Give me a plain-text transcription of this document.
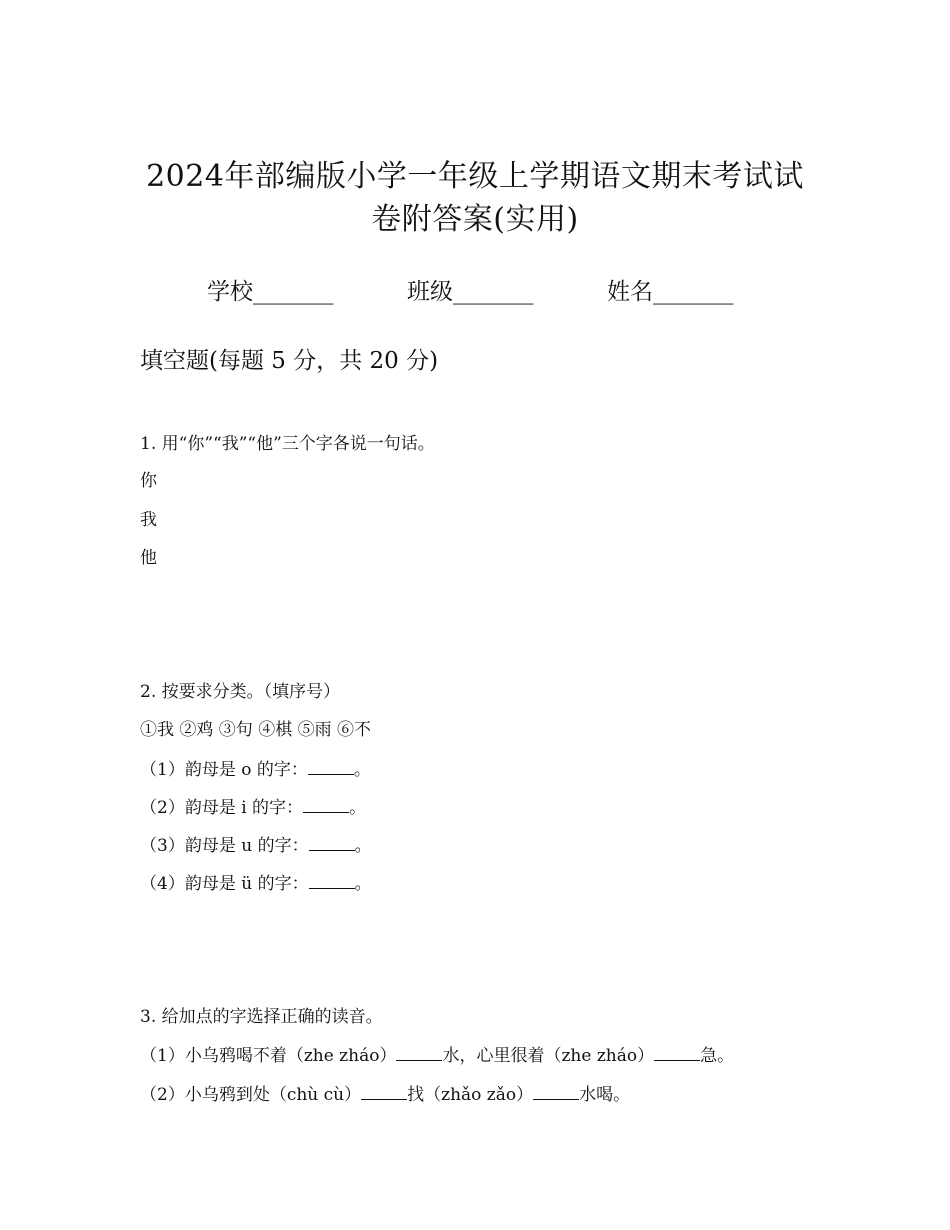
2024年部编版小学一年级上学期语文期末考试试
卷附答案(实用)
学校_______	班级_______	姓名_______
填空题(每题 5 分，共 20 分)
1. 用“你”“我”“他”三个字各说一句话。
你
我
他
2. 按要求分类。（填序号）
①我 ②鸡 ③句 ④棋 ⑤雨 ⑥不
（1）韵母是 o 的字：	。
（2）韵母是 i 的字：	。
（3）韵母是 u 的字：	。
（4）韵母是 ü 的字：	。
3. 给加点的字选择正确的读音。
（1）小乌鸦喝不着（zhe zháo）	水，心里很着（zhe zháo）	急。
（2）小乌鸦到处（chù cù）	找（zhǎo zǎo）	水喝。
